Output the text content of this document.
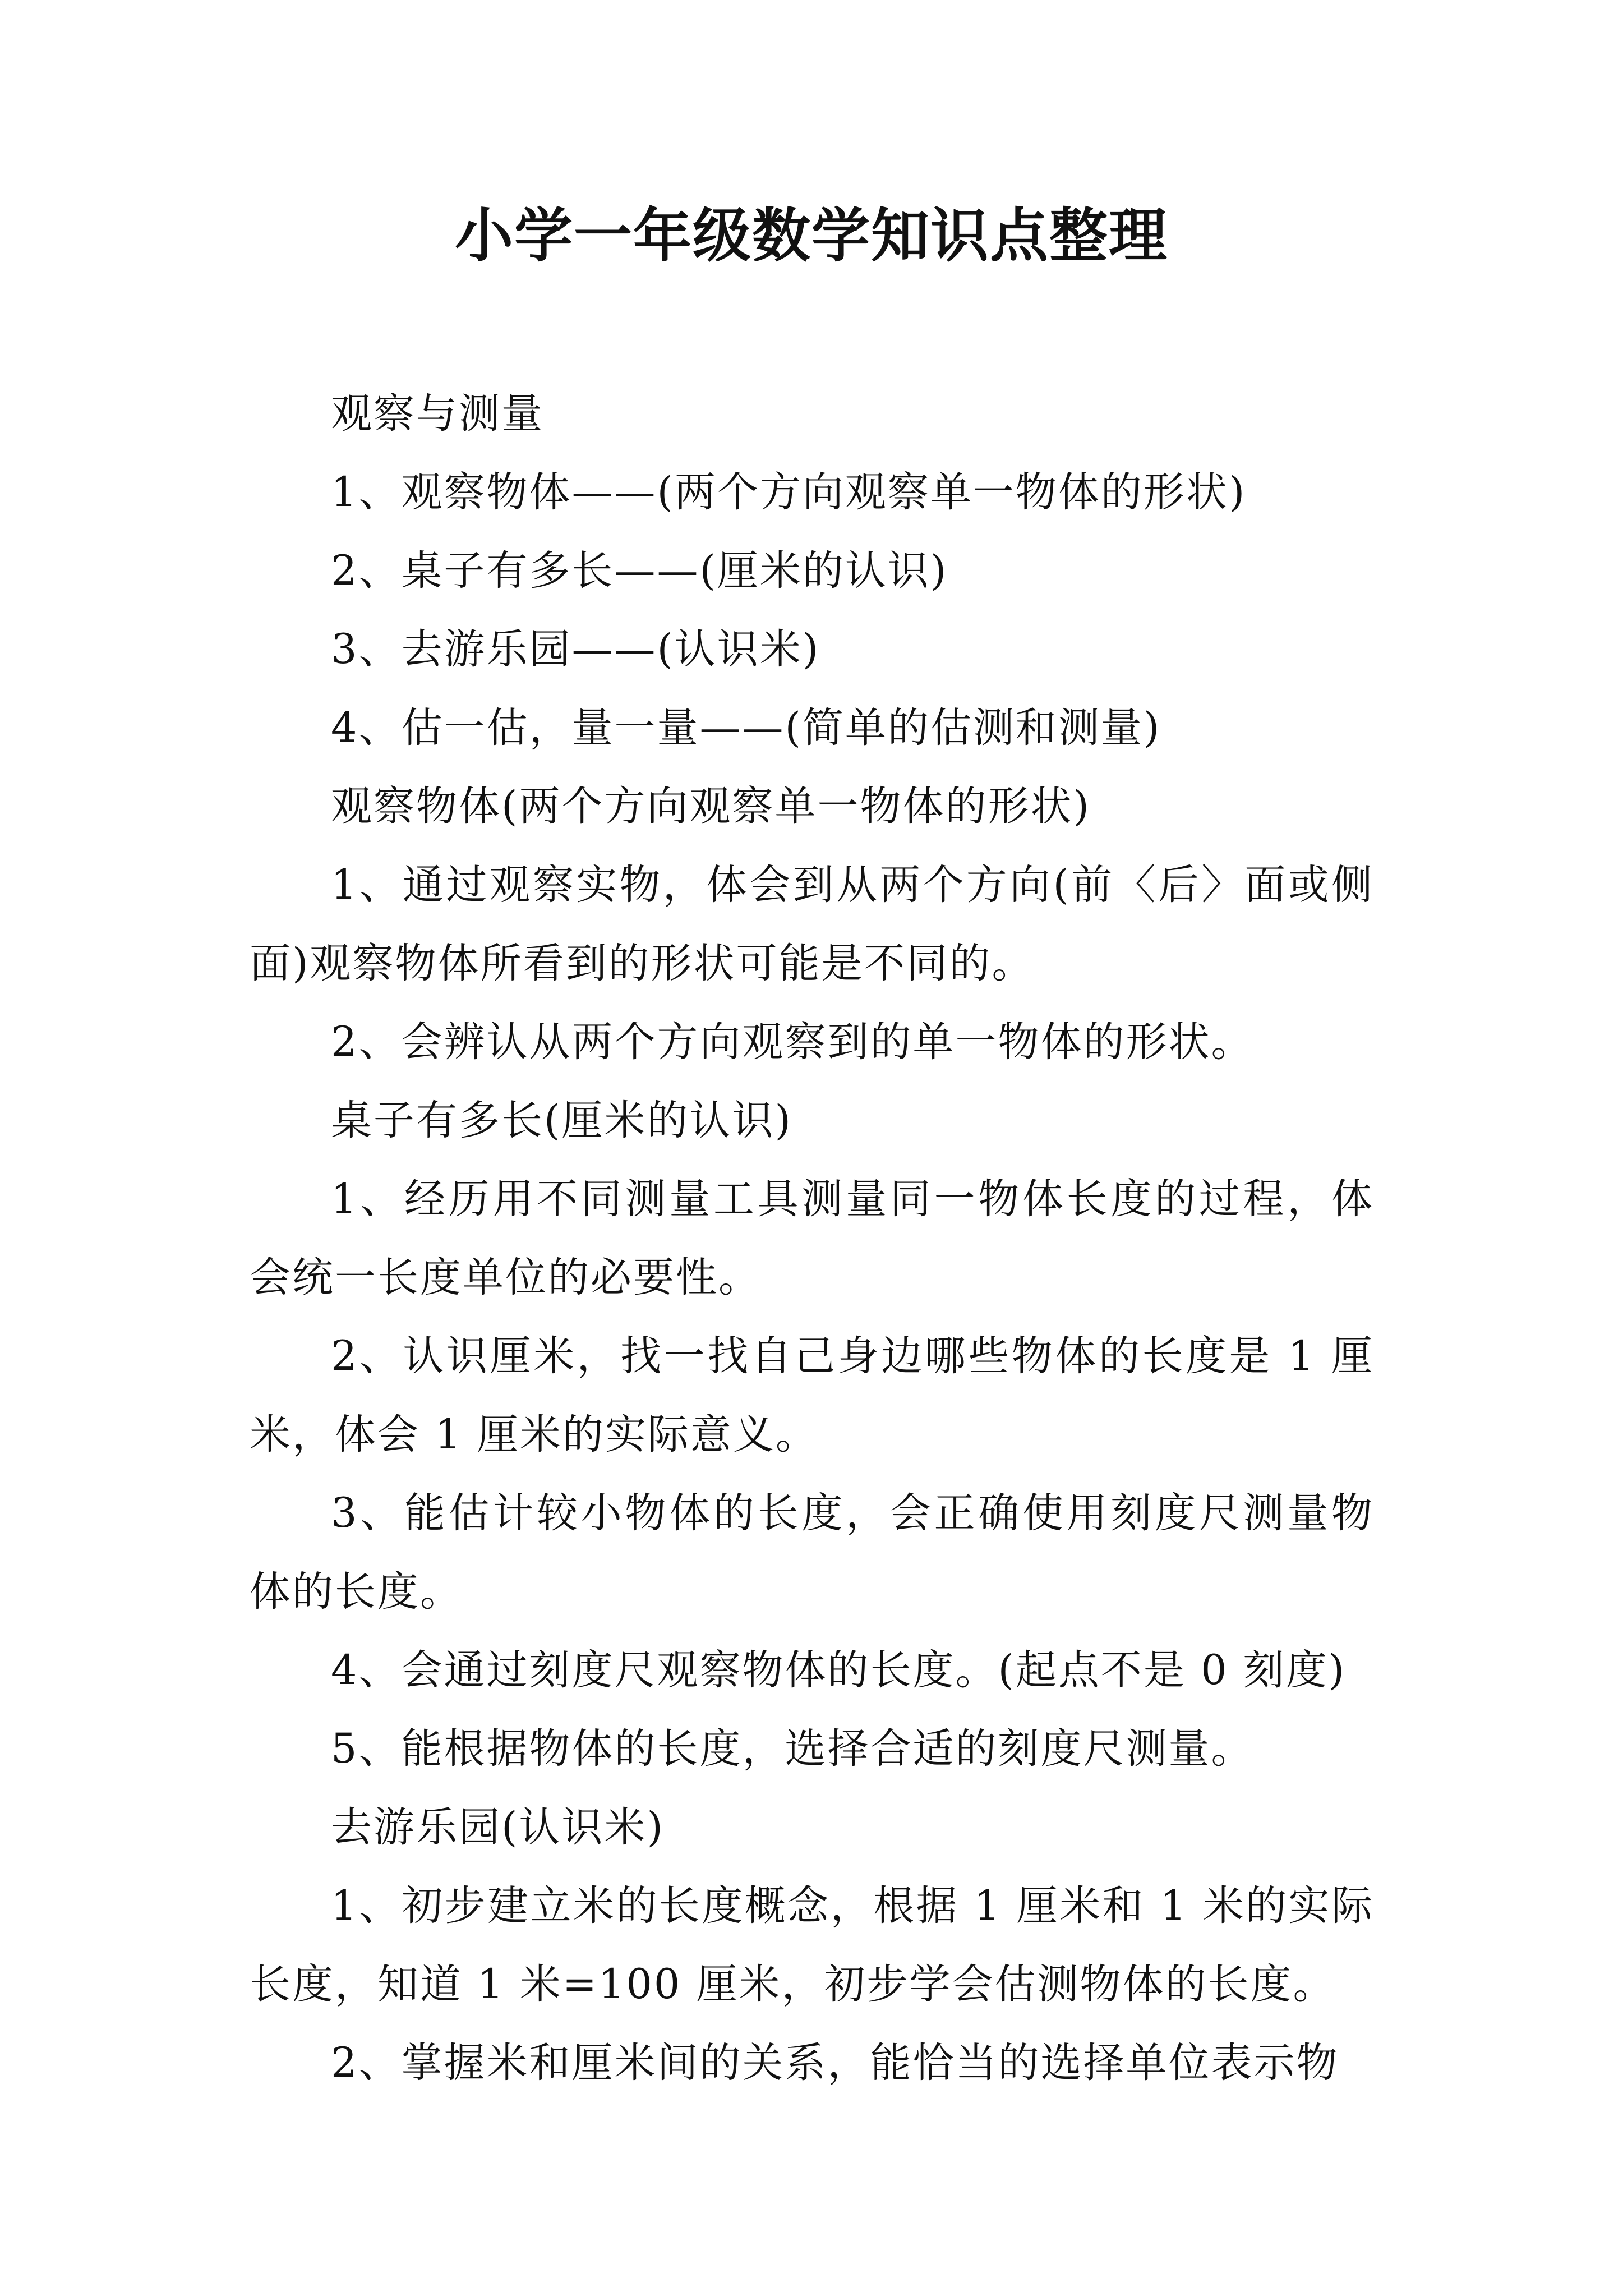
小学一年级数学知识点整理

观察与测量

1、观察物体——(两个方向观察单一物体的形状)

2、桌子有多长——(厘米的认识)

3、去游乐园——(认识米)

4、估一估，量一量——(简单的估测和测量)

观察物体(两个方向观察单一物体的形状)

1、通过观察实物，体会到从两个方向(前〈后〉面或侧面)观察物体所看到的形状可能是不同的。

2、会辨认从两个方向观察到的单一物体的形状。

桌子有多长(厘米的认识)

1、经历用不同测量工具测量同一物体长度的过程，体会统一长度单位的必要性。

2、认识厘米，找一找自己身边哪些物体的长度是 1 厘米，体会 1 厘米的实际意义。

3、能估计较小物体的长度，会正确使用刻度尺测量物体的长度。

4、会通过刻度尺观察物体的长度。(起点不是 0 刻度)

5、能根据物体的长度，选择合适的刻度尺测量。

去游乐园(认识米)

1、初步建立米的长度概念，根据 1 厘米和 1 米的实际长度，知道 1 米=100 厘米，初步学会估测物体的长度。

2、掌握米和厘米间的关系，能恰当的选择单位表示物
